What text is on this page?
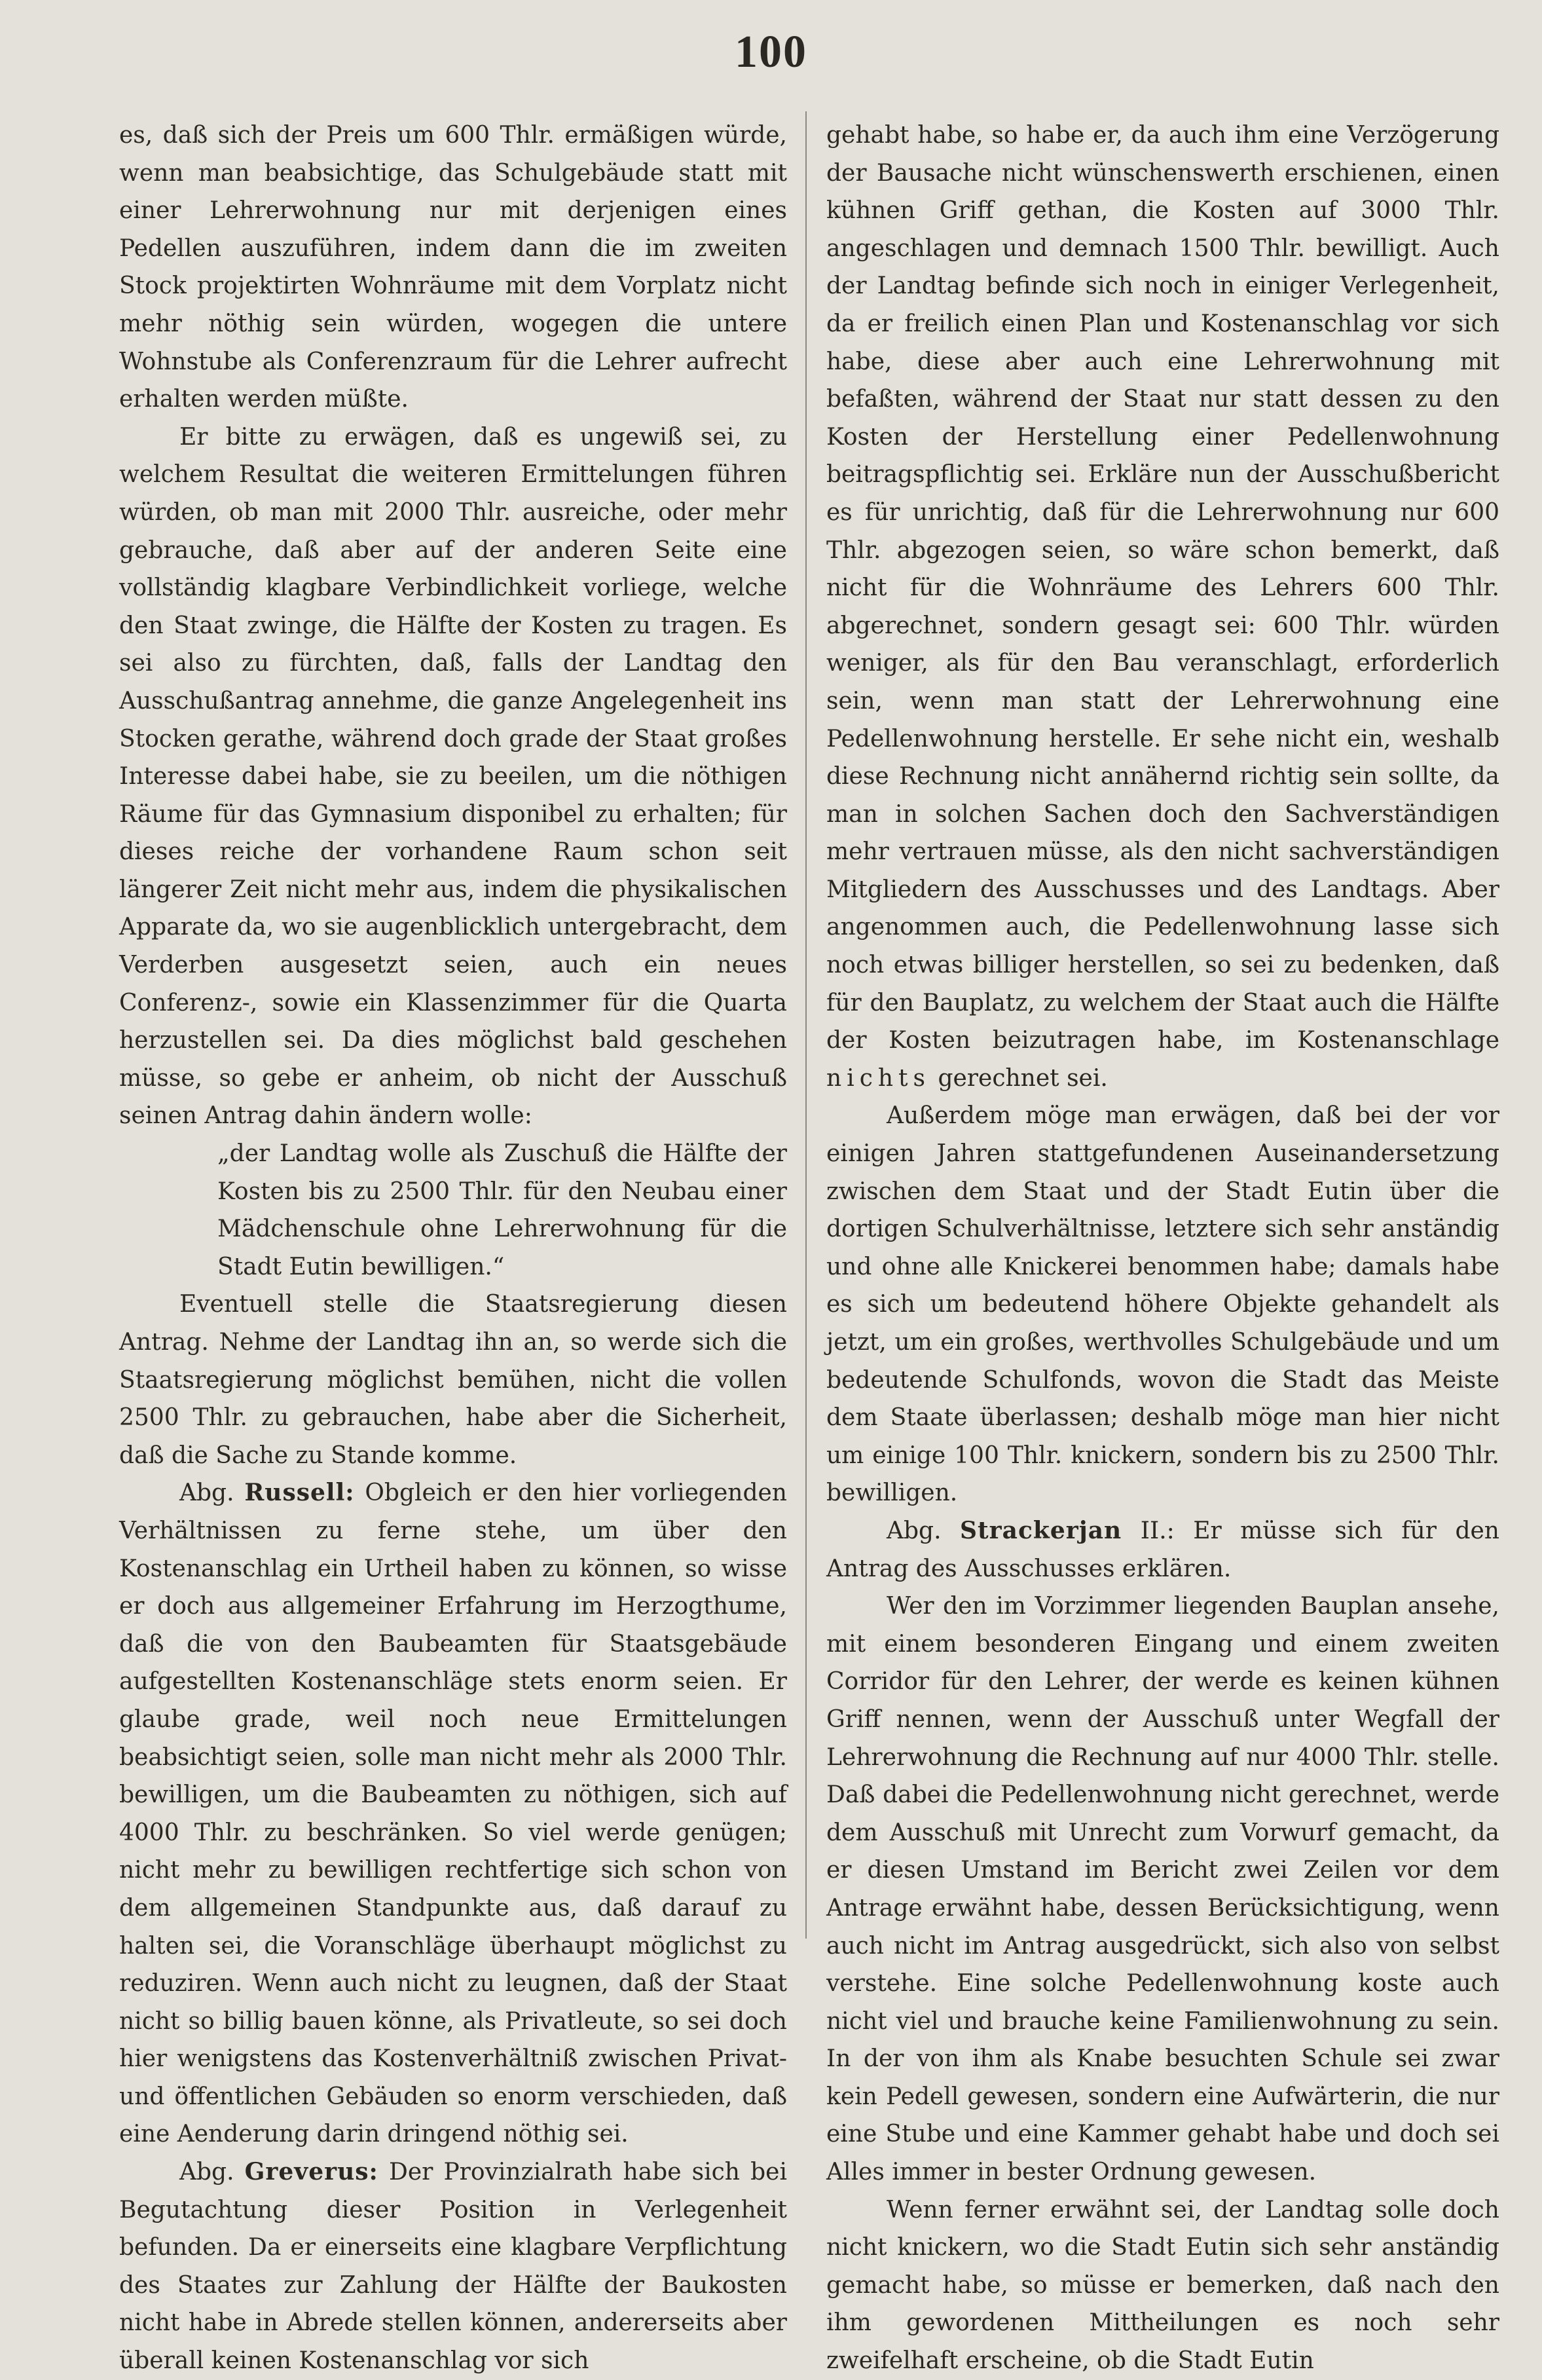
100

es, daß sich der Preis um 600 Thlr. ermäßigen würde, wenn man beabsichtige, das Schulgebäude statt mit einer Lehrerwohnung nur mit derjenigen eines Pedellen auszuführen, indem dann die im zweiten Stock projektirten Wohnräume mit dem Vorplatz nicht mehr nöthig sein würden, wogegen die untere Wohnstube als Conferenzraum für die Lehrer aufrecht erhalten werden müßte.

Er bitte zu erwägen, daß es ungewiß sei, zu welchem Resultat die weiteren Ermittelungen führen würden, ob man mit 2000 Thlr. ausreiche, oder mehr gebrauche, daß aber auf der anderen Seite eine vollständig klagbare Verbindlichkeit vorliege, welche den Staat zwinge, die Hälfte der Kosten zu tragen. Es sei also zu fürchten, daß, falls der Landtag den Ausschußantrag annehme, die ganze Angelegenheit ins Stocken gerathe, während doch grade der Staat großes Interesse dabei habe, sie zu beeilen, um die nöthigen Räume für das Gymnasium disponibel zu erhalten; für dieses reiche der vorhandene Raum schon seit längerer Zeit nicht mehr aus, indem die physikalischen Apparate da, wo sie augenblicklich untergebracht, dem Verderben ausgesetzt seien, auch ein neues Conferenz-, sowie ein Klassenzimmer für die Quarta herzustellen sei. Da dies möglichst bald geschehen müsse, so gebe er anheim, ob nicht der Ausschuß seinen Antrag dahin ändern wolle:

„der Landtag wolle als Zuschuß die Hälfte der Kosten bis zu 2500 Thlr. für den Neubau einer Mädchenschule ohne Lehrerwohnung für die Stadt Eutin bewilligen.“

Eventuell stelle die Staatsregierung diesen Antrag. Nehme der Landtag ihn an, so werde sich die Staatsregierung möglichst bemühen, nicht die vollen 2500 Thlr. zu gebrauchen, habe aber die Sicherheit, daß die Sache zu Stande komme.

Abg. Russell: Obgleich er den hier vorliegenden Verhältnissen zu ferne stehe, um über den Kostenanschlag ein Urtheil haben zu können, so wisse er doch aus allgemeiner Erfahrung im Herzogthume, daß die von den Baubeamten für Staatsgebäude aufgestellten Kostenanschläge stets enorm seien. Er glaube grade, weil noch neue Ermittelungen beabsichtigt seien, solle man nicht mehr als 2000 Thlr. bewilligen, um die Baubeamten zu nöthigen, sich auf 4000 Thlr. zu beschränken. So viel werde genügen; nicht mehr zu bewilligen rechtfertige sich schon von dem allgemeinen Standpunkte aus, daß darauf zu halten sei, die Voranschläge überhaupt möglichst zu reduziren. Wenn auch nicht zu leugnen, daß der Staat nicht so billig bauen könne, als Privatleute, so sei doch hier wenigstens das Kostenverhältniß zwischen Privat- und öffentlichen Gebäuden so enorm verschieden, daß eine Aenderung darin dringend nöthig sei.

Abg. Greverus: Der Provinzialrath habe sich bei Begutachtung dieser Position in Verlegenheit befunden. Da er einerseits eine klagbare Verpflichtung des Staates zur Zahlung der Hälfte der Baukosten nicht habe in Abrede stellen können, andererseits aber überall keinen Kostenanschlag vor sich

gehabt habe, so habe er, da auch ihm eine Verzögerung der Bausache nicht wünschenswerth erschienen, einen kühnen Griff gethan, die Kosten auf 3000 Thlr. angeschlagen und demnach 1500 Thlr. bewilligt. Auch der Landtag befinde sich noch in einiger Verlegenheit, da er freilich einen Plan und Kostenanschlag vor sich habe, diese aber auch eine Lehrerwohnung mit befaßten, während der Staat nur statt dessen zu den Kosten der Herstellung einer Pedellenwohnung beitragspflichtig sei. Erkläre nun der Ausschußbericht es für unrichtig, daß für die Lehrerwohnung nur 600 Thlr. abgezogen seien, so wäre schon bemerkt, daß nicht für die Wohnräume des Lehrers 600 Thlr. abgerechnet, sondern gesagt sei: 600 Thlr. würden weniger, als für den Bau veranschlagt, erforderlich sein, wenn man statt der Lehrerwohnung eine Pedellenwohnung herstelle. Er sehe nicht ein, weshalb diese Rechnung nicht annähernd richtig sein sollte, da man in solchen Sachen doch den Sachverständigen mehr vertrauen müsse, als den nicht sachverständigen Mitgliedern des Ausschusses und des Landtags. Aber angenommen auch, die Pedellenwohnung lasse sich noch etwas billiger herstellen, so sei zu bedenken, daß für den Bauplatz, zu welchem der Staat auch die Hälfte der Kosten beizutragen habe, im Kostenanschlage nichts gerechnet sei.

Außerdem möge man erwägen, daß bei der vor einigen Jahren stattgefundenen Auseinandersetzung zwischen dem Staat und der Stadt Eutin über die dortigen Schulverhältnisse, letztere sich sehr anständig und ohne alle Knickerei benommen habe; damals habe es sich um bedeutend höhere Objekte gehandelt als jetzt, um ein großes, werthvolles Schulgebäude und um bedeutende Schulfonds, wovon die Stadt das Meiste dem Staate überlassen; deshalb möge man hier nicht um einige 100 Thlr. knickern, sondern bis zu 2500 Thlr. bewilligen.

Abg. Strackerjan II.: Er müsse sich für den Antrag des Ausschusses erklären.

Wer den im Vorzimmer liegenden Bauplan ansehe, mit einem besonderen Eingang und einem zweiten Corridor für den Lehrer, der werde es keinen kühnen Griff nennen, wenn der Ausschuß unter Wegfall der Lehrerwohnung die Rechnung auf nur 4000 Thlr. stelle. Daß dabei die Pedellenwohnung nicht gerechnet, werde dem Ausschuß mit Unrecht zum Vorwurf gemacht, da er diesen Umstand im Bericht zwei Zeilen vor dem Antrage erwähnt habe, dessen Berücksichtigung, wenn auch nicht im Antrag ausgedrückt, sich also von selbst verstehe. Eine solche Pedellenwohnung koste auch nicht viel und brauche keine Familienwohnung zu sein. In der von ihm als Knabe besuchten Schule sei zwar kein Pedell gewesen, sondern eine Aufwärterin, die nur eine Stube und eine Kammer gehabt habe und doch sei Alles immer in bester Ordnung gewesen.

Wenn ferner erwähnt sei, der Landtag solle doch nicht knickern, wo die Stadt Eutin sich sehr anständig gemacht habe, so müsse er bemerken, daß nach den ihm gewordenen Mittheilungen es noch sehr zweifelhaft erscheine, ob die Stadt Eutin
